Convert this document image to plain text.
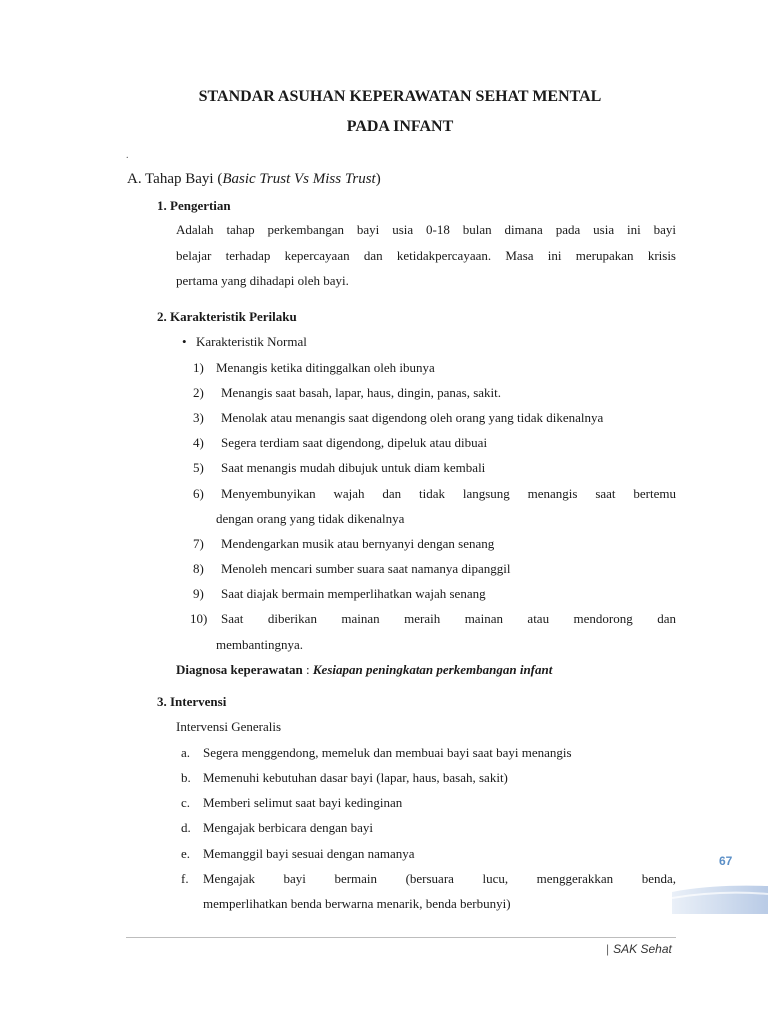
STANDAR ASUHAN KEPERAWATAN SEHAT MENTAL
PADA INFANT
.
A. Tahap Bayi (Basic Trust Vs Miss Trust)
1. Pengertian
Adalah tahap perkembangan bayi usia 0-18 bulan dimana pada usia ini bayi
belajar terhadap kepercayaan dan ketidakpercayaan. Masa ini merupakan krisis
pertama yang dihadapi oleh bayi.
2. Karakteristik Perilaku
• Karakteristik Normal
1) Menangis ketika ditinggalkan oleh ibunya
2) Menangis saat basah, lapar, haus, dingin, panas, sakit.
3) Menolak atau menangis saat digendong oleh orang yang tidak dikenalnya
4) Segera terdiam saat digendong, dipeluk atau dibuai
5) Saat menangis mudah dibujuk untuk diam kembali
6) Menyembunyikan wajah dan tidak langsung menangis saat bertemu
dengan orang yang tidak dikenalnya
7) Mendengarkan musik atau bernyanyi dengan senang
8) Menoleh mencari sumber suara saat namanya dipanggil
9) Saat diajak bermain memperlihatkan wajah senang
10) Saat diberikan mainan meraih mainan atau mendorong dan
membantingnya.
Diagnosa keperawatan : Kesiapan peningkatan perkembangan infant
3. Intervensi
Intervensi Generalis
a. Segera menggendong, memeluk dan membuai bayi saat bayi menangis
b. Memenuhi kebutuhan dasar bayi (lapar, haus, basah, sakit)
c. Memberi selimut saat bayi kedinginan
d. Mengajak berbicara dengan bayi
e. Memanggil bayi sesuai dengan namanya
f. Mengajak bayi bermain (bersuara lucu, menggerakkan benda,
memperlihatkan benda berwarna menarik, benda berbunyi)
67
| SAK Sehat
